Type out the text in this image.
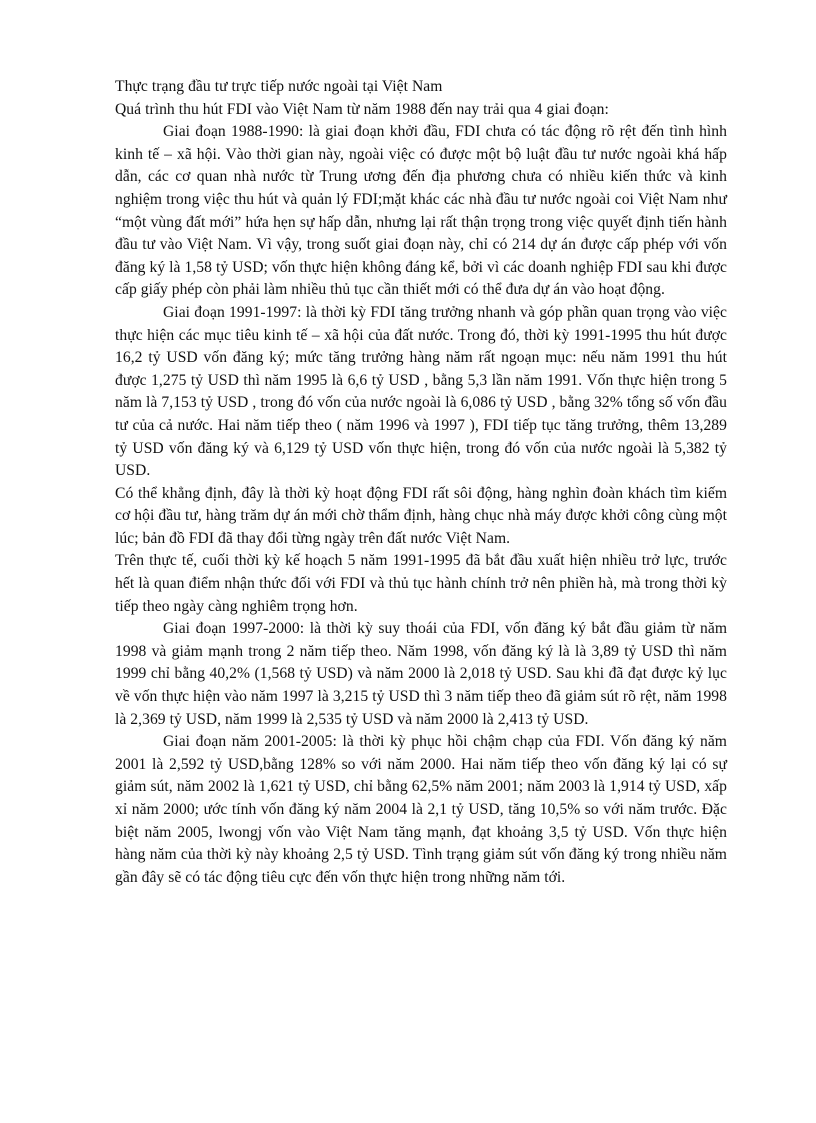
Thực trạng đầu tư trực tiếp nước ngoài tại Việt Nam

Quá trình thu hút FDI vào Việt Nam từ năm 1988 đến nay trải qua 4 giai đoạn:

Giai đoạn 1988-1990: là giai đoạn khởi đầu, FDI chưa có tác động rõ rệt đến tình hình kinh tế – xã hội. Vào thời gian này, ngoài việc có được một bộ luật đầu tư nước ngoài khá hấp dẫn, các cơ quan nhà nước từ Trung ương đến địa phương chưa có nhiều kiến thức và kinh nghiệm trong việc thu hút và quản lý FDI;mặt khác các nhà đầu tư nước ngoài coi Việt Nam như “một vùng đất mới” hứa hẹn sự hấp dẫn, nhưng lại rất thận trọng trong việc quyết định tiến hành đầu tư vào Việt Nam. Vì vậy, trong suốt giai đoạn này, chỉ có 214 dự án được cấp phép với vốn đăng ký là 1,58 tỷ USD; vốn thực hiện không đáng kể, bởi vì các doanh nghiệp FDI sau khi được cấp giấy phép còn phải làm nhiều thủ tục cần thiết mới có thể đưa dự án vào hoạt động.

Giai đoạn 1991-1997: là thời kỳ FDI tăng trưởng nhanh và góp phần quan trọng vào việc thực hiện các mục tiêu kinh tế – xã hội của đất nước. Trong đó, thời kỳ 1991-1995 thu hút được 16,2 tỷ USD vốn đăng ký; mức tăng trưởng hàng năm rất ngoạn mục: nếu năm 1991 thu hút được 1,275 tỷ USD thì năm 1995 là 6,6 tỷ USD , bằng 5,3 lần năm 1991. Vốn thực hiện trong 5 năm là 7,153 tỷ USD , trong đó vốn của nước ngoài là 6,086 tỷ USD , bằng 32% tổng số vốn đầu tư của cả nước. Hai năm tiếp theo ( năm 1996 và 1997 ), FDI tiếp tục tăng trưởng, thêm 13,289 tỷ USD vốn đăng ký và 6,129 tỷ USD vốn thực hiện, trong đó vốn của nước ngoài là 5,382 tỷ USD.

Có thể khẳng định, đây là thời kỳ hoạt động FDI rất sôi động, hàng nghìn đoàn khách tìm kiếm cơ hội đầu tư, hàng trăm dự án mới chờ thẩm định, hàng chục nhà máy được khởi công cùng một lúc; bản đồ FDI đã thay đổi từng ngày trên đất nước Việt Nam.

Trên thực tế, cuối thời kỳ kế hoạch 5 năm 1991-1995 đã bắt đầu xuất hiện nhiều trở lực, trước hết là quan điểm nhận thức đối với FDI và thủ tục hành chính trở nên phiền hà, mà trong thời kỳ tiếp theo ngày càng nghiêm trọng hơn.

Giai đoạn 1997-2000: là thời kỳ suy thoái của FDI, vốn đăng ký bắt đầu giảm từ năm 1998 và giảm mạnh trong 2 năm tiếp theo. Năm 1998, vốn đăng ký là là 3,89 tỷ USD thì năm 1999 chỉ bằng 40,2% (1,568 tỷ USD) và năm 2000 là 2,018 tỷ USD. Sau khi đã đạt được kỷ lục về vốn thực hiện vào năm 1997 là 3,215 tỷ USD thì 3 năm tiếp theo đã giảm sút rõ rệt, năm 1998 là 2,369 tỷ USD, năm 1999 là 2,535 tỷ USD và năm 2000 là 2,413 tỷ USD.

Giai đoạn năm 2001-2005: là thời kỳ phục hồi chậm chạp của FDI. Vốn đăng ký năm 2001 là 2,592 tỷ USD,bằng 128% so với năm 2000. Hai năm tiếp theo vốn đăng ký lại có sự giảm sút, năm 2002 là 1,621 tỷ USD, chỉ bằng 62,5% năm 2001; năm 2003 là 1,914 tỷ USD, xấp xỉ năm 2000; ước tính vốn đăng ký năm 2004 là 2,1 tỷ USD, tăng 10,5% so với năm trước. Đặc biệt năm 2005, lwongj vốn vào Việt Nam tăng mạnh, đạt khoảng 3,5 tỷ USD. Vốn thực hiện hàng năm của thời kỳ này khoảng 2,5 tỷ USD. Tình trạng giảm sút vốn đăng ký trong nhiều năm gần đây sẽ có tác động tiêu cực đến vốn thực hiện trong những năm tới.
